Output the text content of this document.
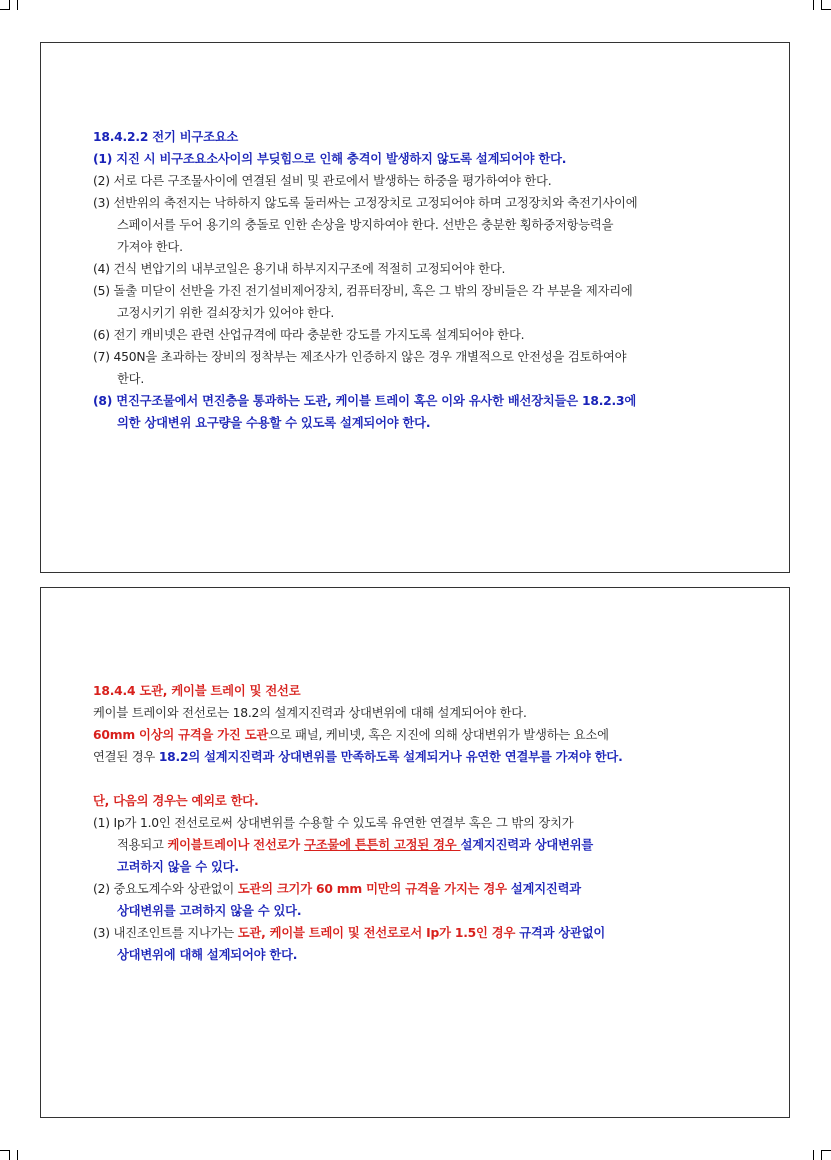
18.4.2.2 전기 비구조요소
(1) 지진 시 비구조요소사이의 부딪힘으로 인해 충격이 발생하지 않도록 설계되어야 한다.
(2) 서로 다른 구조물사이에 연결된 설비 및 관로에서 발생하는 하중을 평가하여야 한다.
(3) 선반위의 축전지는 낙하하지 않도록 둘러싸는 고정장치로 고정되어야 하며 고정장치와 축전기사이에
스페이서를 두어 용기의 충돌로 인한 손상을 방지하여야 한다. 선반은 충분한 횡하중저항능력을
가져야 한다.
(4) 건식 변압기의 내부코일은 용기내 하부지지구조에 적절히 고정되어야 한다.
(5) 돌출 미닫이 선반을 가진 전기설비제어장치, 컴퓨터장비, 혹은 그 밖의 장비들은 각 부분을 제자리에
고정시키기 위한 걸쇠장치가 있어야 한다.
(6) 전기 캐비넷은 관련 산업규격에 따라 충분한 강도를 가지도록 설계되어야 한다.
(7) 450N을 초과하는 장비의 정착부는 제조사가 인증하지 않은 경우 개별적으로 안전성을 검토하여야
한다.
(8) 면진구조물에서 면진층을 통과하는 도관, 케이블 트레이 혹은 이와 유사한 배선장치들은 18.2.3에
의한 상대변위 요구량을 수용할 수 있도록 설계되어야 한다.
18.4.4 도관, 케이블 트레이 및 전선로
케이블 트레이와 전선로는 18.2의 설계지진력과 상대변위에 대해 설계되어야 한다.
60mm 이상의 규격을 가진 도관으로 패널, 케비넷, 혹은 지진에 의해 상대변위가 발생하는 요소에
연결된 경우 18.2의 설계지진력과 상대변위를 만족하도록 설계되거나 유연한 연결부를 가져야 한다.
단, 다음의 경우는 예외로 한다.
(1) Ip가 1.0인 전선로로써 상대변위를 수용할 수 있도록 유연한 연결부 혹은 그 밖의 장치가
적용되고 케이블트레이나 전선로가 구조물에 튼튼히 고정된 경우 설계지진력과 상대변위를
고려하지 않을 수 있다.
(2) 중요도계수와 상관없이 도관의 크기가 60 mm 미만의 규격을 가지는 경우 설계지진력과
상대변위를 고려하지 않을 수 있다.
(3) 내진조인트를 지나가는 도관, 케이블 트레이 및 전선로로서 Ip가 1.5인 경우 규격과 상관없이
상대변위에 대해 설계되어야 한다.
